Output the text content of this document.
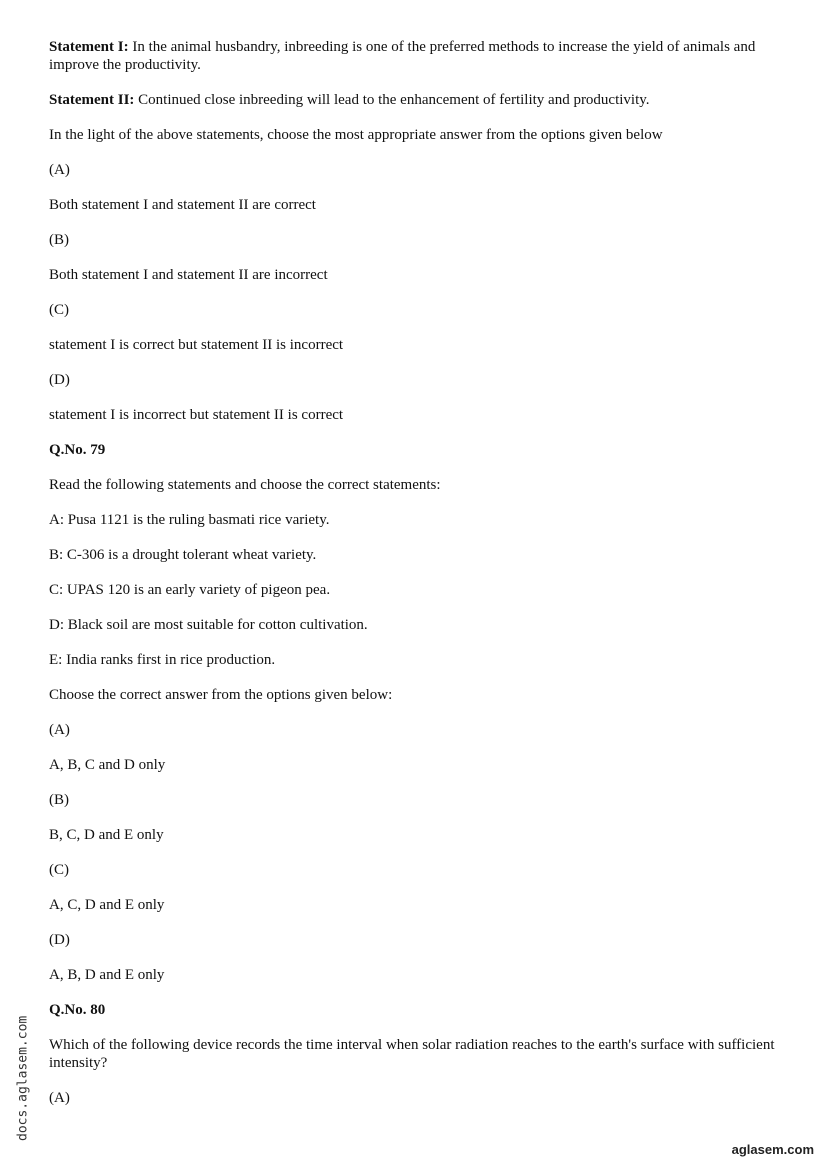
Statement I: In the animal husbandry, inbreeding is one of the preferred methods to increase the yield of animals and improve the productivity.

Statement II: Continued close inbreeding will lead to the enhancement of fertility and productivity.

In the light of the above statements, choose the most appropriate answer from the options given below

(A)

Both statement I and statement II are correct

(B)

Both statement I and statement II are incorrect

(C)

statement I is correct but statement II is incorrect

(D)

statement I is incorrect but statement II is correct

Q.No. 79

Read the following statements and choose the correct statements:

A: Pusa 1121 is the ruling basmati rice variety.

B: C-306 is a drought tolerant wheat variety.

C: UPAS 120 is an early variety of pigeon pea.

D: Black soil are most suitable for cotton cultivation.

E: India ranks first in rice production.

Choose the correct answer from the options given below:

(A)

A, B, C and D only

(B)

B, C, D and E only

(C)

A, C, D and E only

(D)

A, B, D and E only

Q.No. 80

Which of the following device records the time interval when solar radiation reaches to the earth's surface with sufficient intensity?

(A)

docs.aglasem.com
aglasem.com
